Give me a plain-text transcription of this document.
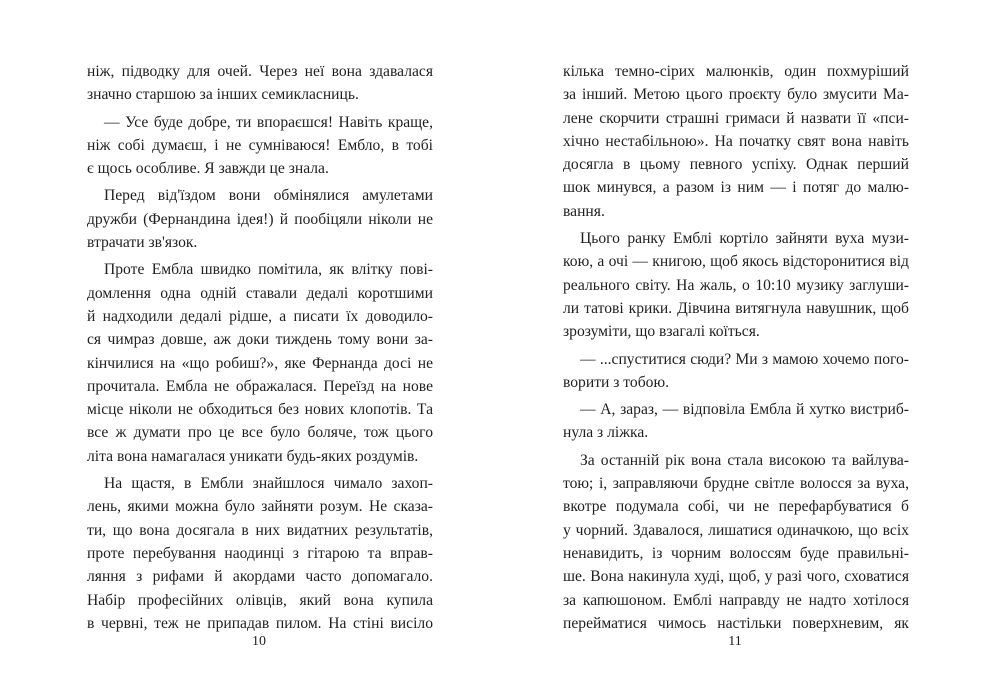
ніж, підводку для очей. Через неї вона здавалася
значно старшою за інших семикласниць.
— Усе буде добре, ти впораєшся! Навіть краще,
ніж собі думаєш, і не сумніваюся! Ембло, в тобі
є щось особливе. Я завжди це знала.
Перед від'їздом вони обмінялися амулетами
дружби (Фернандина ідея!) й пообіцяли ніколи не
втрачати зв'язок.
Проте Ембла швидко помітила, як влітку пові-
домлення одна одній ставали дедалі коротшими
й надходили дедалі рідше, а писати їх доводило-
ся чимраз довше, аж доки тиждень тому вони за-
кінчилися на «що робиш?», яке Фернанда досі не
прочитала. Ембла не ображалася. Переїзд на нове
місце ніколи не обходиться без нових клопотів. Та
все ж думати про це все було боляче, тож цього
літа вона намагалася уникати будь-яких роздумів.
На щастя, в Ембли знайшлося чимало захоп-
лень, якими можна було зайняти розум. Не сказа-
ти, що вона досягала в них видатних результатів,
проте перебування наодинці з гітарою та вправ-
ляння з рифами й акордами часто допомагало.
Набір професійних олівців, який вона купила
в червні, теж не припадав пилом. На стіні висіло
кілька темно-сірих малюнків, один похмуріший
за інший. Метою цього проєкту було змусити Ма-
лене скорчити страшні гримаси й назвати її «пси-
хічно нестабільною». На початку свят вона навіть
досягла в цьому певного успіху. Однак перший
шок минувся, а разом із ним — і потяг до малю-
вання.
Цього ранку Емблі кортіло зайняти вуха музи-
кою, а очі — книгою, щоб якось відсторонитися від
реального світу. На жаль, о 10:10 музику заглуши-
ли татові крики. Дівчина витягнула навушник, щоб
зрозуміти, що взагалі коїться.
— ...спуститися сюди? Ми з мамою хочемо пого-
ворити з тобою.
— А, зараз, — відповіла Ембла й хутко вистриб-
нула з ліжка.
За останній рік вона стала високою та вайлува-
тою; і, заправляючи брудне світле волосся за вуха,
вкотре подумала собі, чи не перефарбуватися б
у чорний. Здавалося, лишатися одиначкою, що всіх
ненавидить, із чорним волоссям буде правильні-
ше. Вона накинула худі, щоб, у разі чого, сховатися
за капюшоном. Емблі направду не надто хотілося
перейматися чимось настільки поверхневим, як
10	11
